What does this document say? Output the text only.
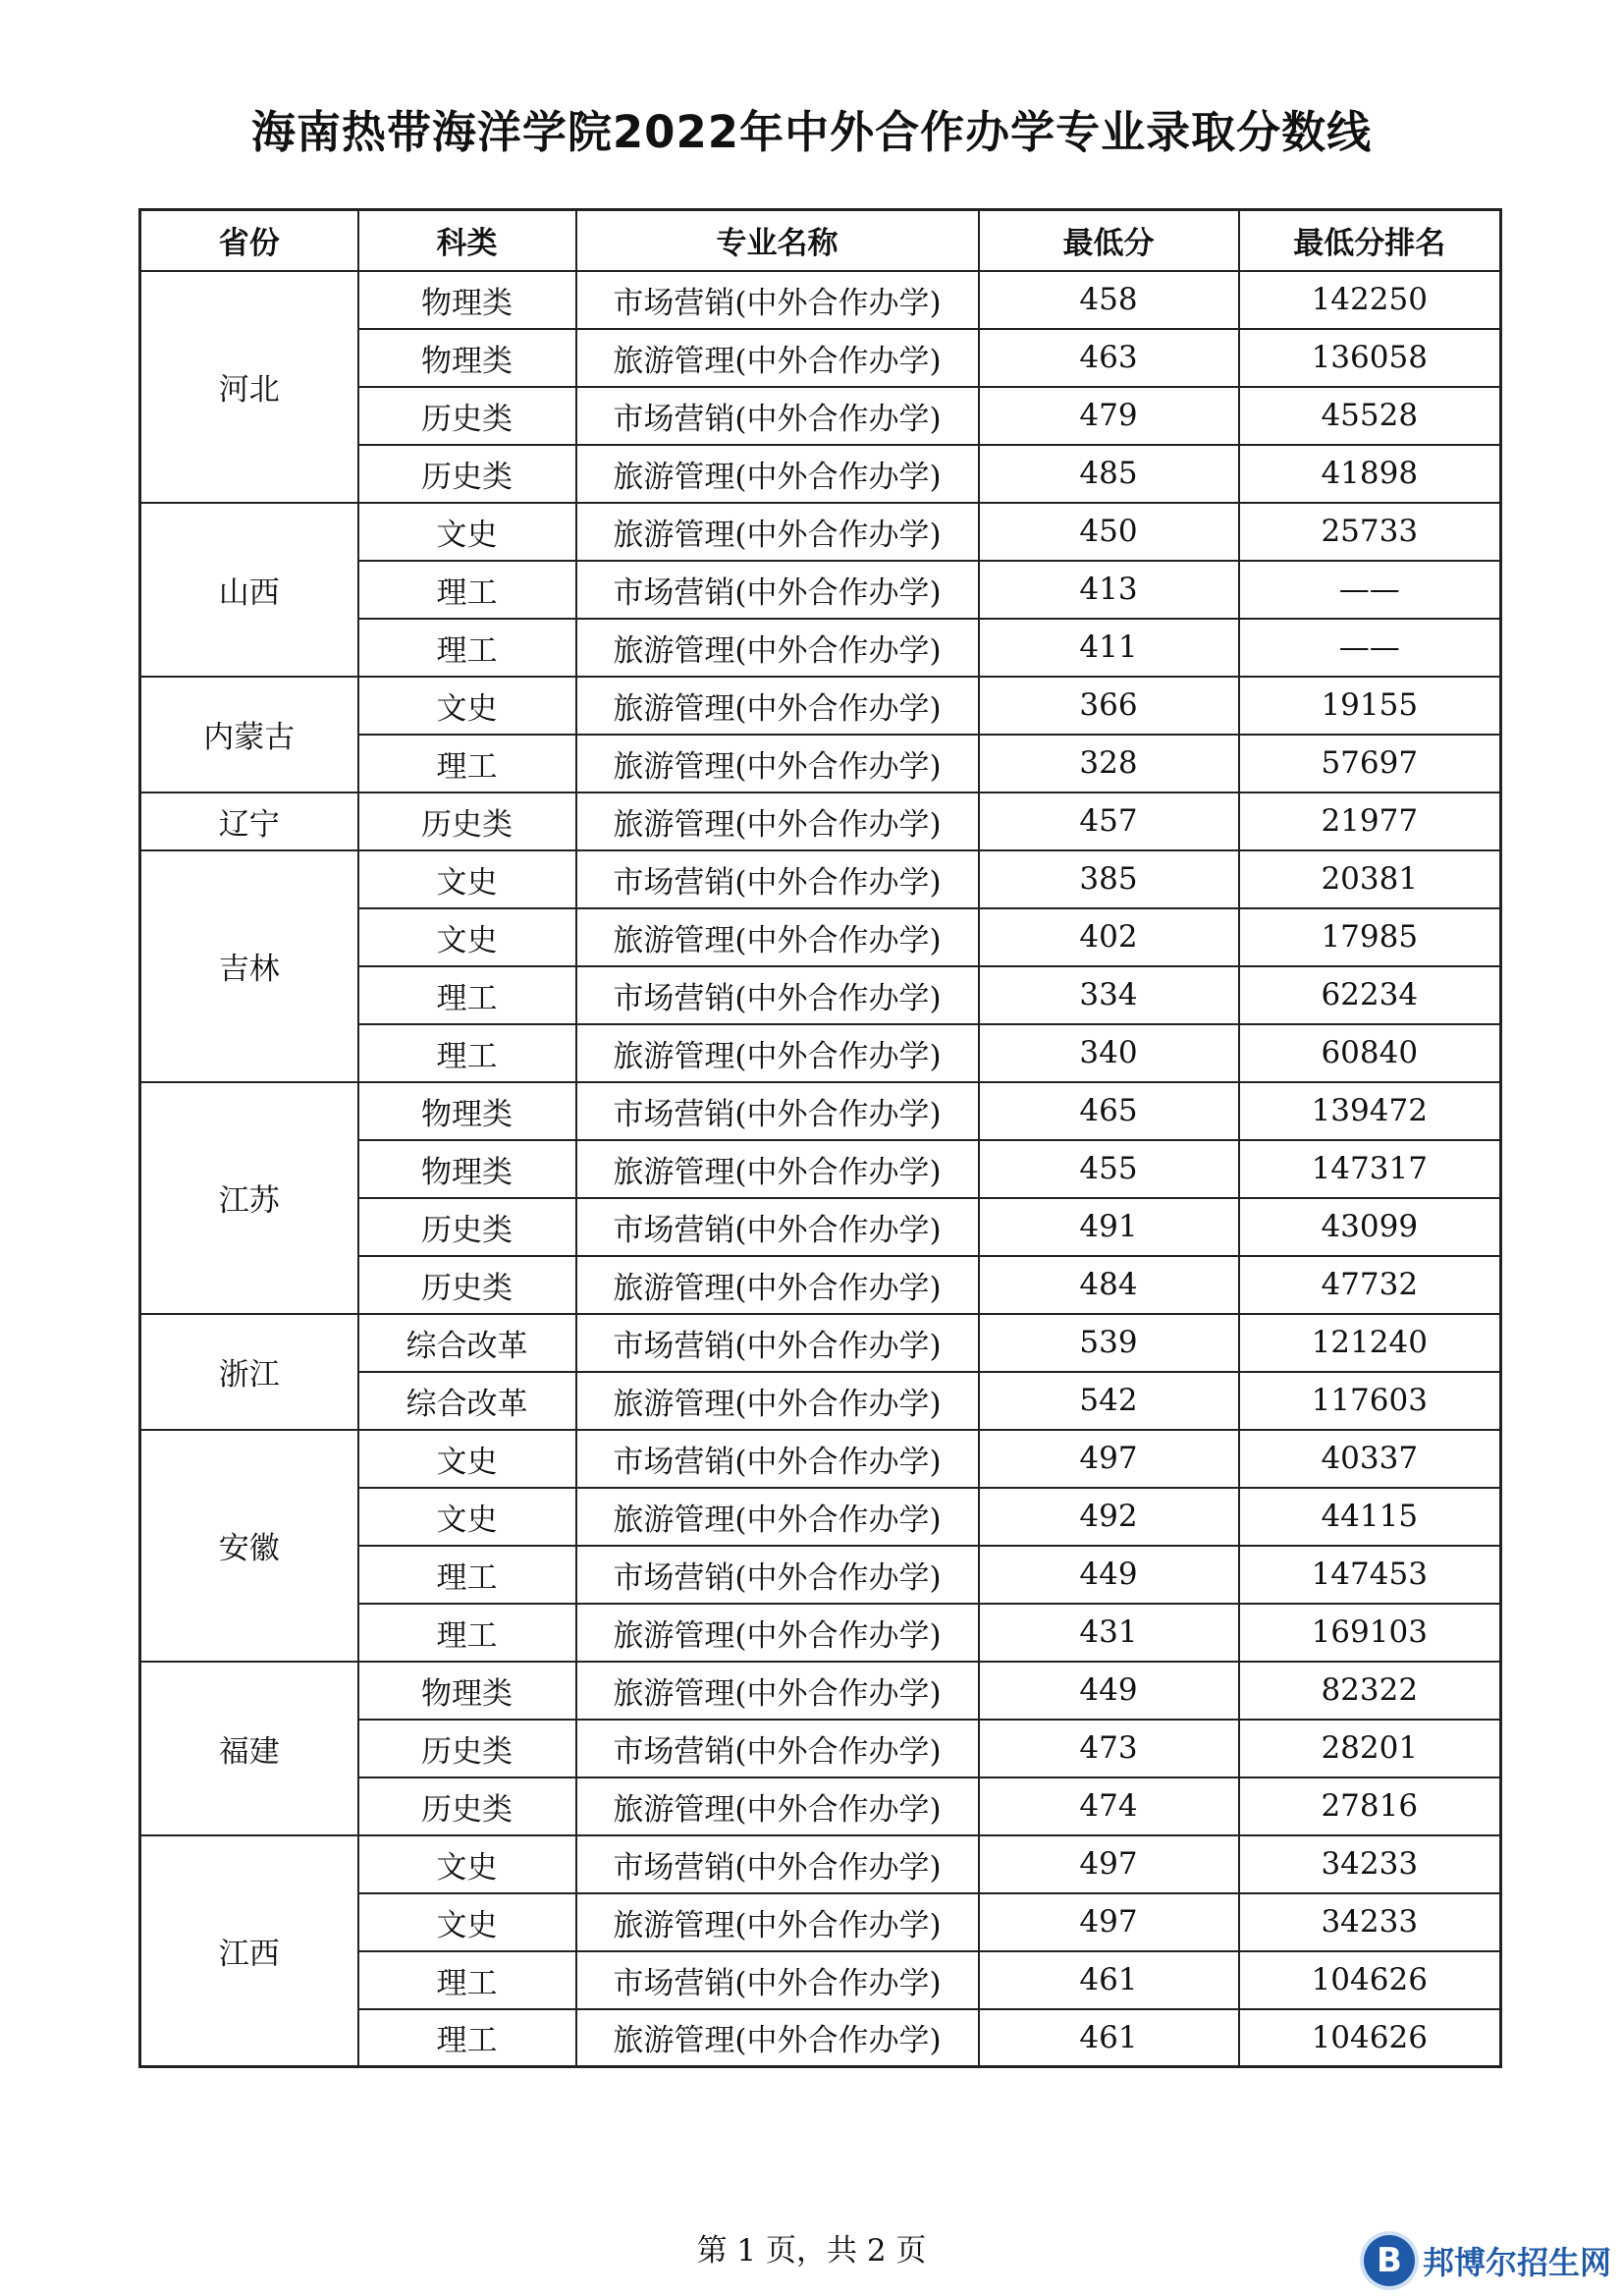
海南热带海洋学院2022年中外合作办学专业录取分数线
省份	科类	专业名称	最低分	最低分排名
河北	物理类	市场营销(中外合作办学)	458	142250
	物理类	旅游管理(中外合作办学)	463	136058
	历史类	市场营销(中外合作办学)	479	45528
	历史类	旅游管理(中外合作办学)	485	41898
山西	文史	旅游管理(中外合作办学)	450	25733
	理工	市场营销(中外合作办学)	413	——
	理工	旅游管理(中外合作办学)	411	——
内蒙古	文史	旅游管理(中外合作办学)	366	19155
	理工	旅游管理(中外合作办学)	328	57697
辽宁	历史类	旅游管理(中外合作办学)	457	21977
吉林	文史	市场营销(中外合作办学)	385	20381
	文史	旅游管理(中外合作办学)	402	17985
	理工	市场营销(中外合作办学)	334	62234
	理工	旅游管理(中外合作办学)	340	60840
江苏	物理类	市场营销(中外合作办学)	465	139472
	物理类	旅游管理(中外合作办学)	455	147317
	历史类	市场营销(中外合作办学)	491	43099
	历史类	旅游管理(中外合作办学)	484	47732
浙江	综合改革	市场营销(中外合作办学)	539	121240
	综合改革	旅游管理(中外合作办学)	542	117603
安徽	文史	市场营销(中外合作办学)	497	40337
	文史	旅游管理(中外合作办学)	492	44115
	理工	市场营销(中外合作办学)	449	147453
	理工	旅游管理(中外合作办学)	431	169103
福建	物理类	旅游管理(中外合作办学)	449	82322
	历史类	市场营销(中外合作办学)	473	28201
	历史类	旅游管理(中外合作办学)	474	27816
江西	文史	市场营销(中外合作办学)	497	34233
	文史	旅游管理(中外合作办学)	497	34233
	理工	市场营销(中外合作办学)	461	104626
	理工	旅游管理(中外合作办学)	461	104626
第 1 页，共 2 页	B 邦博尔招生网
